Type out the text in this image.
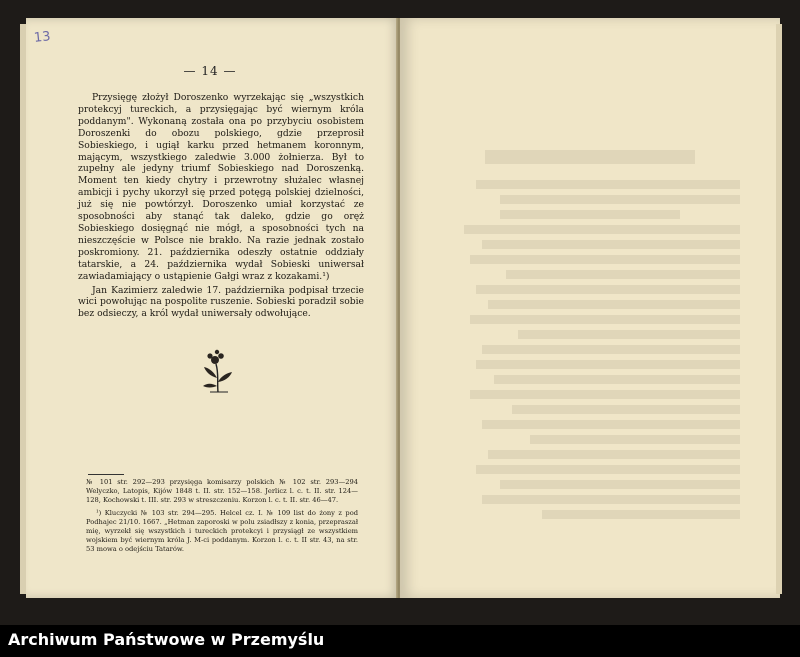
13
— 14 —

Przysięgę złożył Doroszenko wyrzekając się „wszystkich protekcyj tureckich, a przysięgając być wiernym króla poddanym". Wykonaną została ona po przybyciu osobistem Doroszenki do obozu polskiego, gdzie przeprosił Sobieskiego, i ugiął karku przed hetmanem koronnym, mającym, wszystkiego zaledwie 3.000 żołnierza. Był to zupełny ale jedyny triumf Sobieskiego nad Doroszenką. Moment ten kiedy chytry i przewrotny służalec własnej ambicji i pychy ukorzył się przed potęgą polskiej dzielności, już się nie powtórzył. Doroszenko umiał korzystać ze sposobności aby stanąć tak daleko, gdzie go oręż Sobieskiego dosięgnąć nie mógł, a sposobności tych na nieszczęście w Polsce nie brakło. Na razie jednak zostało poskromiony. 21. października odeszły ostatnie oddziały tatarskie, a 24. października wydał Sobieski uniwersał zawiadamiający o ustąpienie Gałgi wraz z kozakami.¹)

Jan Kazimierz zaledwie 17. października podpisał trzecie wici powołując na pospolite ruszenie. Sobieski poradził sobie bez odsieczy, a król wydał uniwersały odwołujące.

№ 101 str. 292—293 przysięga komisarzy polskich № 102 str. 293—294 Welyczko, Latopis, Kijów 1848 t. II. str. 152—158. Jerlicz l. c. t. II. str. 124—128, Kochowski t. III. str. 293 w streszczeniu. Korzon l. c. t. II. str. 46—47.

¹) Kluczycki № 103 str. 294—295. Helcel cz. I. № 109 list do żony z pod Podhajec 21/10. 1667. „Hetman zaporoski w polu zsiadłszy z konia, przepraszał mię, wyrzekł się wszystkich i tureckich protekcyi i przysiągł ze wszystkiem wojskiem być wiernym króla J. M-ci poddanym. Korzon l. c. t. II str. 43, na str. 53 mowa o odejściu Tatarów.

Archiwum Państwowe w Przemyślu
